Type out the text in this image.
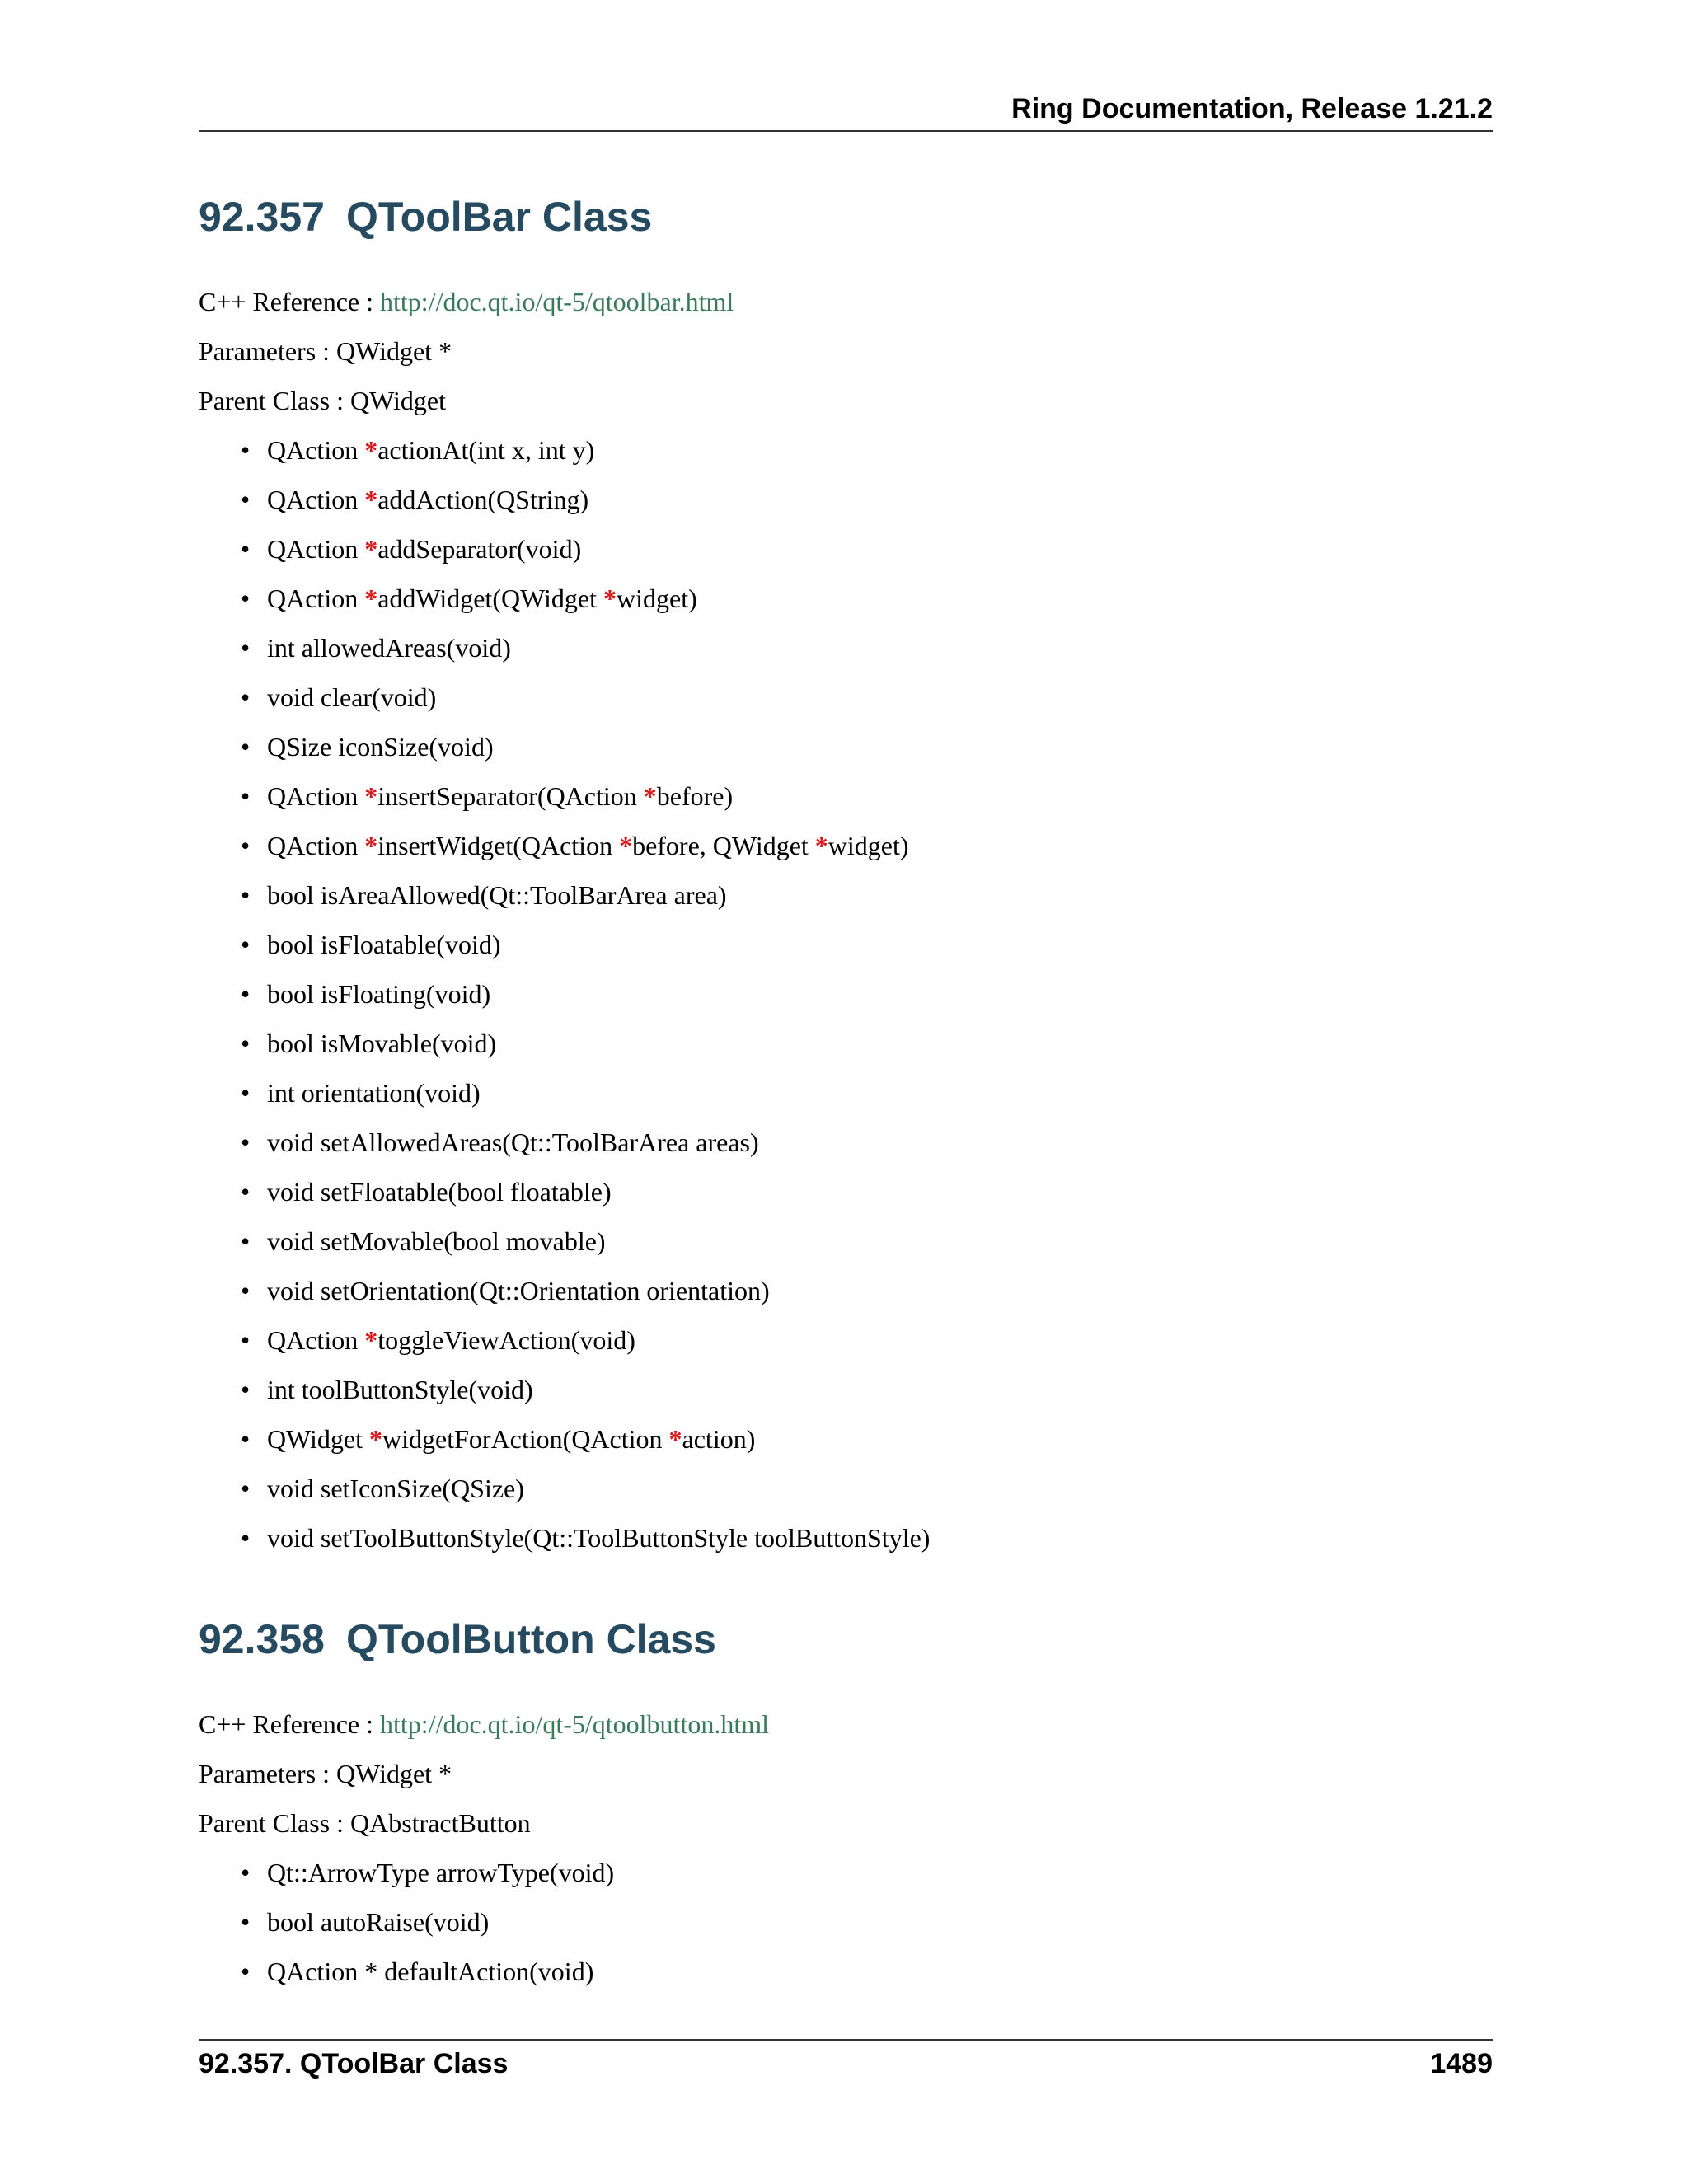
Ring Documentation, Release 1.21.2
92.357 QToolBar Class

C++ Reference : http://doc.qt.io/qt-5/qtoolbar.html

Parameters : QWidget *

Parent Class : QWidget

• QAction *actionAt(int x, int y)
• QAction *addAction(QString)
• QAction *addSeparator(void)
• QAction *addWidget(QWidget *widget)
• int allowedAreas(void)
• void clear(void)
• QSize iconSize(void)
• QAction *insertSeparator(QAction *before)
• QAction *insertWidget(QAction *before, QWidget *widget)
• bool isAreaAllowed(Qt::ToolBarArea area)
• bool isFloatable(void)
• bool isFloating(void)
• bool isMovable(void)
• int orientation(void)
• void setAllowedAreas(Qt::ToolBarArea areas)
• void setFloatable(bool floatable)
• void setMovable(bool movable)
• void setOrientation(Qt::Orientation orientation)
• QAction *toggleViewAction(void)
• int toolButtonStyle(void)
• QWidget *widgetForAction(QAction *action)
• void setIconSize(QSize)
• void setToolButtonStyle(Qt::ToolButtonStyle toolButtonStyle)
92.358 QToolButton Class

C++ Reference : http://doc.qt.io/qt-5/qtoolbutton.html

Parameters : QWidget *

Parent Class : QAbstractButton

• Qt::ArrowType arrowType(void)
• bool autoRaise(void)
• QAction * defaultAction(void)
92.357. QToolBar Class	1489
